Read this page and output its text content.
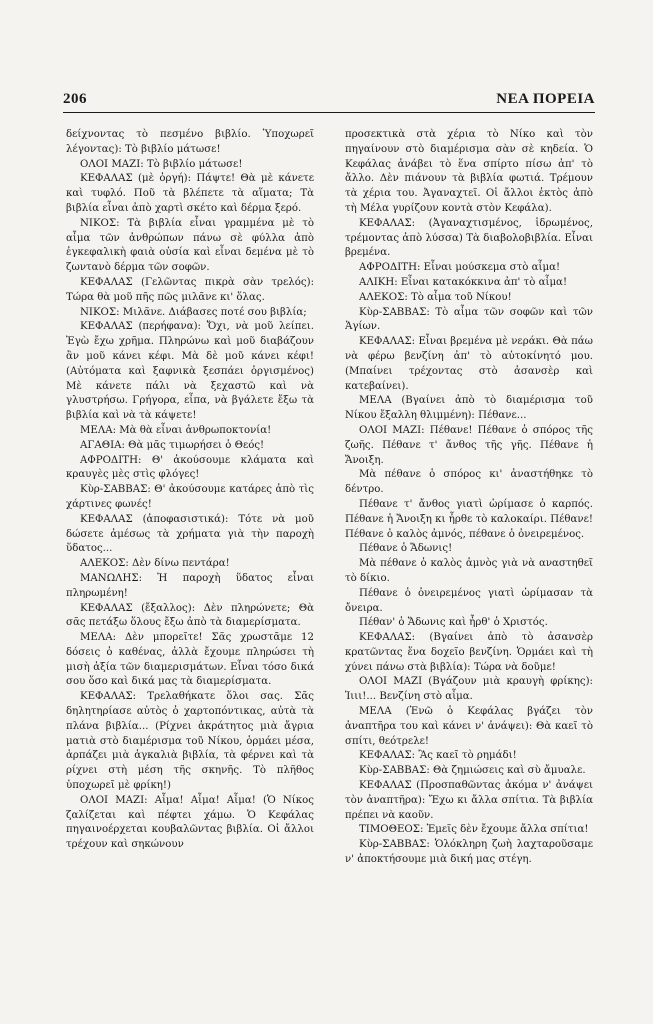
206	ΝΕΑ ΠΟΡΕΙΑ

δείχνοντας τὸ πεσμένο βιβλίο. Ὑποχωρεῖ λέγοντας): Τὸ βιβλίο μάτωσε!

ΟΛΟΙ ΜΑΖΙ: Τὸ βιβλίο μάτωσε!

ΚΕΦΑΛΑΣ (μὲ ὀργή): Πάψτε! Θὰ μὲ κάνετε καὶ τυφλό. Ποῦ τὰ βλέπετε τὰ αἵματα; Τὰ βιβλία εἶναι ἀπὸ χαρτὶ σκέτο καὶ δέρμα ξερό.

ΝΙΚΟΣ: Τὰ βιβλία εἶναι γραμμένα μὲ τὸ αἷμα τῶν ἀνθρώπων πάνω σὲ φύλλα ἀπὸ ἐγκεφαλικὴ φαιὰ οὐσία καὶ εἶναι δεμένα μὲ τὸ ζωντανὸ δέρμα τῶν σοφῶν.

ΚΕΦΑΛΑΣ (Γελῶντας πικρὰ σὰν τρελός): Τώρα θὰ μοῦ πῆς πῶς μιλᾶνε κι' ὅλας.

ΝΙΚΟΣ: Μιλᾶνε. Διάβασες ποτέ σου βιβλία;

ΚΕΦΑΛΑΣ (περήφανα): Ὄχι, νὰ μοῦ λείπει. Ἐγὼ ἔχω χρῆμα. Πληρώνω καὶ μοῦ διαβάζουν ἂν μοῦ κάνει κέφι. Μὰ δὲ μοῦ κάνει κέφι! (Αὐτόματα καὶ ξαφνικὰ ξεσπάει ὀργισμένος) Μὲ κάνετε πάλι νὰ ξεχαστῶ καὶ νὰ γλυστρήσω. Γρήγορα, εἶπα, νὰ βγάλετε ἔξω τὰ βιβλία καὶ νὰ τὰ κάψετε!

ΜΕΛΑ: Μὰ θὰ εἶναι ἀνθρωποκτονία!

ΑΓΑΘΙΑ: Θὰ μᾶς τιμωρήσει ὁ Θεός!

ΑΦΡΟΔΙΤΗ: Θ' ἀκούσουμε κλάματα καὶ κραυγὲς μὲς στὶς φλόγες!

Κὺρ-ΣΑΒΒΑΣ: Θ' ἀκούσουμε κατάρες ἀπὸ τὶς χάρτινες φωνές!

ΚΕΦΑΛΑΣ (ἀποφασιστικά): Τότε νὰ μοῦ δώσετε ἀμέσως τὰ χρήματα γιὰ τὴν παροχὴ ὕδατος...

ΑΛΕΚΟΣ: Δὲν δίνω πεντάρα!

ΜΑΝΩΛΗΣ: Ἡ παροχὴ ὕδατος εἶναι πληρωμένη!

ΚΕΦΑΛΑΣ (ἔξαλλος): Δὲν πληρώνετε; Θὰ σᾶς πετάξω ὅλους ἔξω ἀπὸ τὰ διαμερίσματα.

ΜΕΛΑ: Δὲν μπορεῖτε! Σᾶς χρωστᾶμε 12 δόσεις ὁ καθένας, ἀλλὰ ἔχουμε πληρώσει τὴ μισὴ ἀξία τῶν διαμερισμάτων. Εἶναι τόσο δικά σου ὅσο καὶ δικά μας τὰ διαμερίσματα.

ΚΕΦΑΛΑΣ: Τρελαθήκατε ὅλοι σας. Σᾶς δηλητηρίασε αὐτὸς ὁ χαρτοπόντικας, αὐτὰ τὰ πλάνα βιβλία... (Ρίχνει ἀκράτητος μιὰ ἄγρια ματιὰ στὸ διαμέρισμα τοῦ Νίκου, ὁρμάει μέσα, ἁρπάζει μιὰ ἀγκαλιὰ βιβλία, τὰ φέρνει καὶ τὰ ρίχνει στὴ μέση τῆς σκηνῆς. Τὸ πλῆθος ὑποχωρεῖ μὲ φρίκη!)

ΟΛΟΙ ΜΑΖΙ: Αἷμα! Αἷμα! Αἷμα! (Ὁ Νίκος ζαλίζεται καὶ πέφτει χάμω. Ὁ Κεφάλας πηγαινοέρχεται κουβαλῶντας βιβλία. Οἱ ἄλλοι τρέχουν καὶ σηκώνουν

προσεκτικὰ στὰ χέρια τὸ Νίκο καὶ τὸν πηγαίνουν στὸ διαμέρισμα σὰν σὲ κηδεία. Ὁ Κεφάλας ἀνάβει τὸ ἕνα σπίρτο πίσω ἀπ' τὸ ἄλλο. Δὲν πιάνουν τὰ βιβλία φωτιά. Τρέμουν τὰ χέρια του. Ἀγαναχτεῖ. Οἱ ἄλλοι ἐκτὸς ἀπὸ τὴ Μέλα γυρίζουν κοντὰ στὸν Κεφάλα).

ΚΕΦΑΛΑΣ: (Ἀγαναχτισμένος, ἱδρωμένος, τρέμοντας ἀπὸ λύσσα) Τὰ διαβολοβιβλία. Εἶναι βρεμένα.

ΑΦΡΟΔΙΤΗ: Εἶναι μούσκεμα στὸ αἷμα!

ΑΛΙΚΗ: Εἶναι κατακόκκινα ἀπ' τὸ αἷμα!

ΑΛΕΚΟΣ: Τὸ αἷμα τοῦ Νίκου!

Κὺρ-ΣΑΒΒΑΣ: Τὸ αἷμα τῶν σοφῶν καὶ τῶν Ἁγίων.

ΚΕΦΑΛΑΣ: Εἶναι βρεμένα μὲ νεράκι. Θὰ πάω νὰ φέρω βενζίνη ἀπ' τὸ αὐτοκίνητό μου. (Μπαίνει τρέχοντας στὸ ἀσανσὲρ καὶ κατεβαίνει).

ΜΕΛΑ (Βγαίνει ἀπὸ τὸ διαμέρισμα τοῦ Νίκου ἔξαλλη θλιμμένη): Πέθανε...

ΟΛΟΙ ΜΑΖΙ: Πέθανε! Πέθανε ὁ σπόρος τῆς ζωῆς. Πέθανε τ' ἄνθος τῆς γῆς. Πέθανε ἡ Ἄνοιξη.

Μὰ πέθανε ὁ σπόρος κι' ἀναστήθηκε τὸ δέντρο.

Πέθανε τ' ἄνθος γιατὶ ὡρίμασε ὁ καρπός. Πέθανε ἡ Ἄνοιξη κι ἦρθε τὸ καλοκαίρι. Πέθανε! Πέθανε ὁ καλὸς ἀμνός, πέθανε ὁ ὀνειρεμένος.

Πέθανε ὁ Ἄδωνις!

Μὰ πέθανε ὁ καλὸς ἀμνὸς γιὰ νὰ αναστηθεῖ τὸ δίκιο.

Πέθανε ὁ ὀνειρεμένος γιατὶ ὡρίμασαν τὰ ὄνειρα.

Πέθαν' ὁ Ἄδωνις καὶ ἦρθ' ὁ Χριστός.

ΚΕΦΑΛΑΣ: (Βγαίνει ἀπὸ τὸ ἀσανσὲρ κρατῶντας ἕνα δοχεῖο βενζίνη. Ὁρμάει καὶ τὴ χύνει πάνω στὰ βιβλία): Τώρα νὰ δοῦμε!

ΟΛΟΙ ΜΑΖΙ (Βγάζουν μιὰ κραυγὴ φρίκης): Ἰιιι!... Βενζίνη στὸ αἷμα.

ΜΕΛΑ (Ἐνῶ ὁ Κεφάλας βγάζει τὸν ἀναπτῆρα του καὶ κάνει ν' ἀνάψει): Θὰ καεῖ τὸ σπίτι, θεότρελε!

ΚΕΦΑΛΑΣ: Ἂς καεῖ τὸ ρημάδι!

Κὺρ-ΣΑΒΒΑΣ: Θὰ ζημιώσεις καὶ σὺ ἄμυαλε.

ΚΕΦΑΛΑΣ (Προσπαθῶντας ἀκόμα ν' ἀνάψει τὸν ἀναπτῆρα): Ἔχω κι ἄλλα σπίτια. Τὰ βιβλία πρέπει νὰ καοῦν.

ΤΙΜΟΘΕΟΣ: Ἐμεῖς δὲν ἔχουμε ἄλλα σπίτια!

Κὺρ-ΣΑΒΒΑΣ: Ὁλόκληρη ζωὴ λαχταροῦσαμε ν' ἀποκτήσουμε μιὰ δική μας στέγη.
